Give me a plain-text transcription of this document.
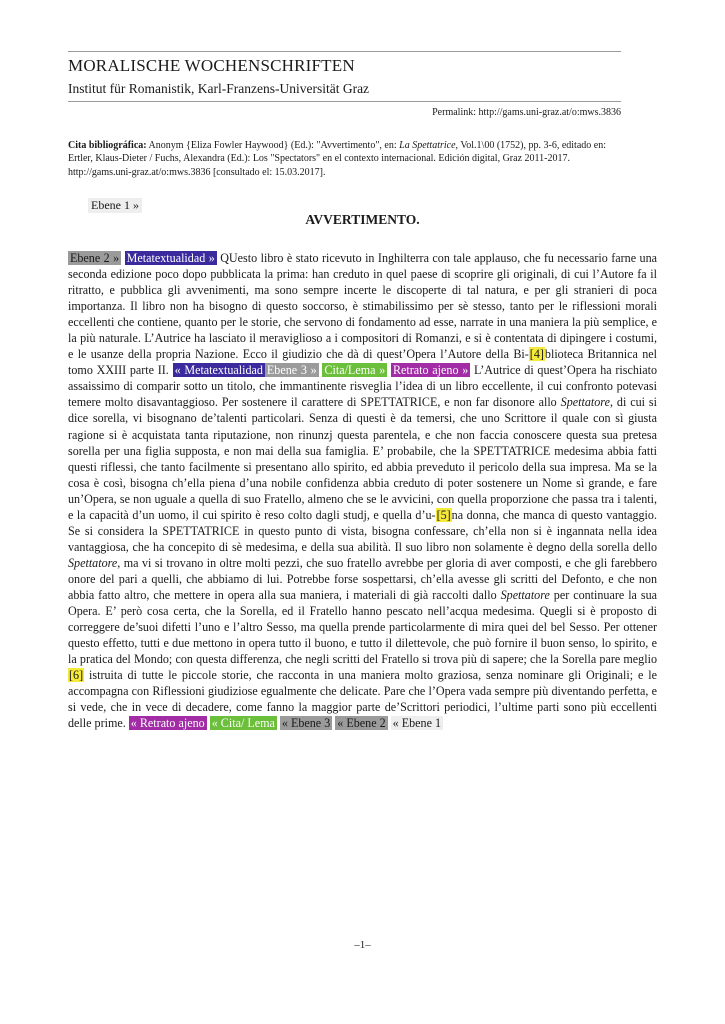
MORALISCHE WOCHENSCHRIFTEN
Institut für Romanistik, Karl-Franzens-Universität Graz
Permalink: http://gams.uni-graz.at/o:mws.3836
Cita bibliográfica: Anonym {Eliza Fowler Haywood} (Ed.): "Avvertimento", en: La Spettatrice, Vol.1\00 (1752), pp. 3-6, editado en: Ertler, Klaus-Dieter / Fuchs, Alexandra (Ed.): Los "Spectators" en el contexto internacional. Edición digital, Graz 2011-2017. http://gams.uni-graz.at/o:mws.3836 [consultado el: 15.03.2017].
Ebene 1 »
AVVERTIMENTO.
Ebene 2 » Metatextualidad » QUesto libro è stato ricevuto in Inghilterra con tale applauso, che fu necessario farne una seconda edizione poco dopo pubblicata la prima: han creduto in quel paese di scoprire gli originali, di cui l’Autore fa il ritratto, e pubblica gli avvenimenti, ma sono sempre incerte le discoperte di tal natura, e per gli stranieri di poca importanza. Il libro non ha bisogno di questo soccorso, è stimabilissimo per sè stesso, tanto per le riflessioni morali eccellenti che contiene, quanto per le storie, che servono di fondamento ad esse, narrate in una maniera la più semplice, e la più naturale. L’Autrice ha lasciato il meraviglioso a i compositori di Romanzi, e si è contentata di dipingere i costumi, e le usanze della propria Nazione. Ecco il giudizio che dà di quest’Opera l’Autore della Bi-[4]blioteca Britannica nel tomo XXIII parte II. « Metatextualidad Ebene 3 » Cita/Lema » Retrato ajeno » L’Autrice di quest’Opera ha rischiato assaissimo di comparir sotto un titolo, che immantinente risveglia l’idea di un libro eccellente, il cui confronto potevasi temere molto disavantaggioso. Per sostenere il carattere di SPETTATRICE, e non far disonore allo Spettatore, di cui si dice sorella, vi bisognano de’talenti particolari. Senza di questi è da temersi, che uno Scrittore il quale con sì giusta ragione si è acquistata tanta riputazione, non rinunzj questa parentela, e che non faccia conoscere questa sua pretesa sorella per una figlia supposta, e non mai della sua famiglia. E’ probabile, che la SPETTATRICE medesima abbia fatti questi riflessi, che tanto facilmente si presentano allo spirito, ed abbia preveduto il pericolo della sua impresa. Ma se la cosa è così, bisogna ch’ella piena d’una nobile confidenza abbia creduto di poter sostenere un Nome sì grande, e fare un’Opera, se non uguale a quella di suo Fratello, almeno che se le avvicini, con quella proporzione che passa tra i talenti, e la capacità d’un uomo, il cui spirito è reso colto dagli studj, e quella d’u-[5]na donna, che manca di questo vantaggio. Se si considera la SPETTATRICE in questo punto di vista, bisogna confessare, ch’ella non si è ingannata nella idea vantaggiosa, che ha concepito di sè medesima, e della sua abilità. Il suo libro non solamente è degno della sorella dello Spettatore, ma vi si trovano in oltre molti pezzi, che suo fratello avrebbe per gloria di aver composti, e che gli farebbero onore del pari a quelli, che abbiamo di lui. Potrebbe forse sospettarsi, ch’ella avesse gli scritti del Defonto, e che non abbia fatto altro, che mettere in opera alla sua maniera, i materiali di già raccolti dallo Spettatore per continuare la sua Opera. E’ però cosa certa, che la Sorella, ed il Fratello hanno pescato nell’acqua medesima. Quegli si è proposto di correggere de’suoi difetti l’uno e l’altro Sesso, ma quella prende particolarmente di mira quei del bel Sesso. Per ottener questo effetto, tutti e due mettono in opera tutto il buono, e tutto il dilettevole, che può fornire il buon senso, lo spirito, e la pratica del Mondo; con questa differenza, che negli scritti del Fratello si trova più di sapere; che la Sorella pare meglio [6] istruita di tutte le piccole storie, che racconta in una maniera molto graziosa, senza nominare gli Originali; e le accompagna con Riflessioni giudiziose egualmente che delicate. Pare che l’Opera vada sempre più diventando perfetta, e si vede, che in vece di decadere, come fanno la maggior parte de’Scrittori periodici, l’ultime parti sono più eccellenti delle prime. « Retrato ajeno « Cita/ Lema « Ebene 3 « Ebene 2 « Ebene 1
–1–
